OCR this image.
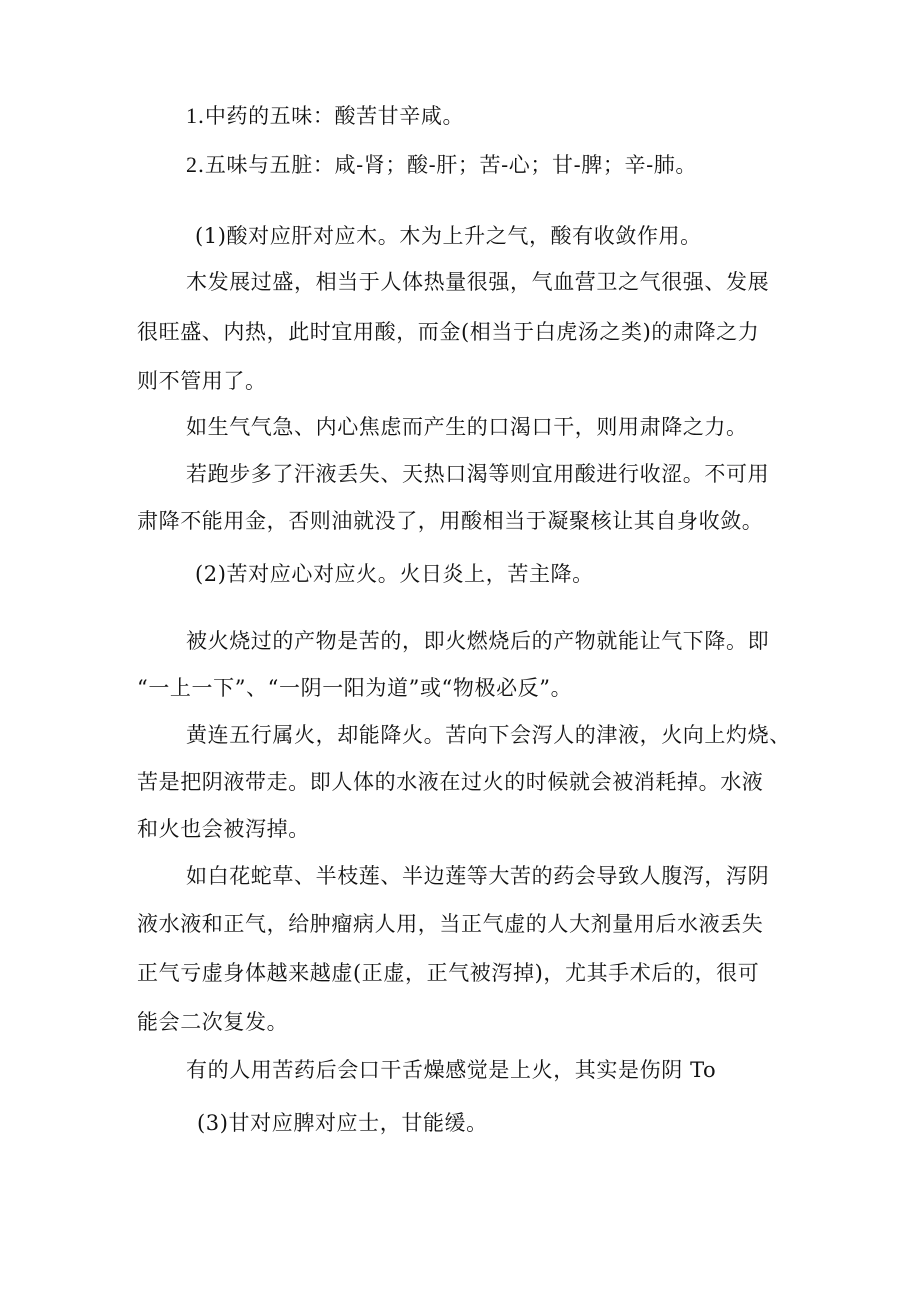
1.中药的五味：酸苦甘辛咸。
2.五味与五脏：咸-肾；酸-肝；苦-心；甘-脾；辛-肺。
(1)酸对应肝对应木。木为上升之气，酸有收敛作用。
木发展过盛，相当于人体热量很强，气血营卫之气很强、发展
很旺盛、内热，此时宜用酸，而金(相当于白虎汤之类)的肃降之力
则不管用了。
如生气气急、内心焦虑而产生的口渴口干，则用肃降之力。
若跑步多了汗液丢失、天热口渴等则宜用酸进行收涩。不可用
肃降不能用金，否则油就没了，用酸相当于凝聚核让其自身收敛。
(2)苦对应心对应火。火日炎上，苦主降。
被火烧过的产物是苦的，即火燃烧后的产物就能让气下降。即
“一上一下”、“一阴一阳为道”或“物极必反”。
黄连五行属火，却能降火。苦向下会泻人的津液，火向上灼烧、
苦是把阴液带走。即人体的水液在过火的时候就会被消耗掉。水液
和火也会被泻掉。
如白花蛇草、半枝莲、半边莲等大苦的药会导致人腹泻，泻阴
液水液和正气，给肿瘤病人用，当正气虚的人大剂量用后水液丢失
正气亏虚身体越来越虚(正虚，正气被泻掉)，尤其手术后的，很可
能会二次复发。
有的人用苦药后会口干舌燥感觉是上火，其实是伤阴 To
(3)甘对应脾对应士，甘能缓。
